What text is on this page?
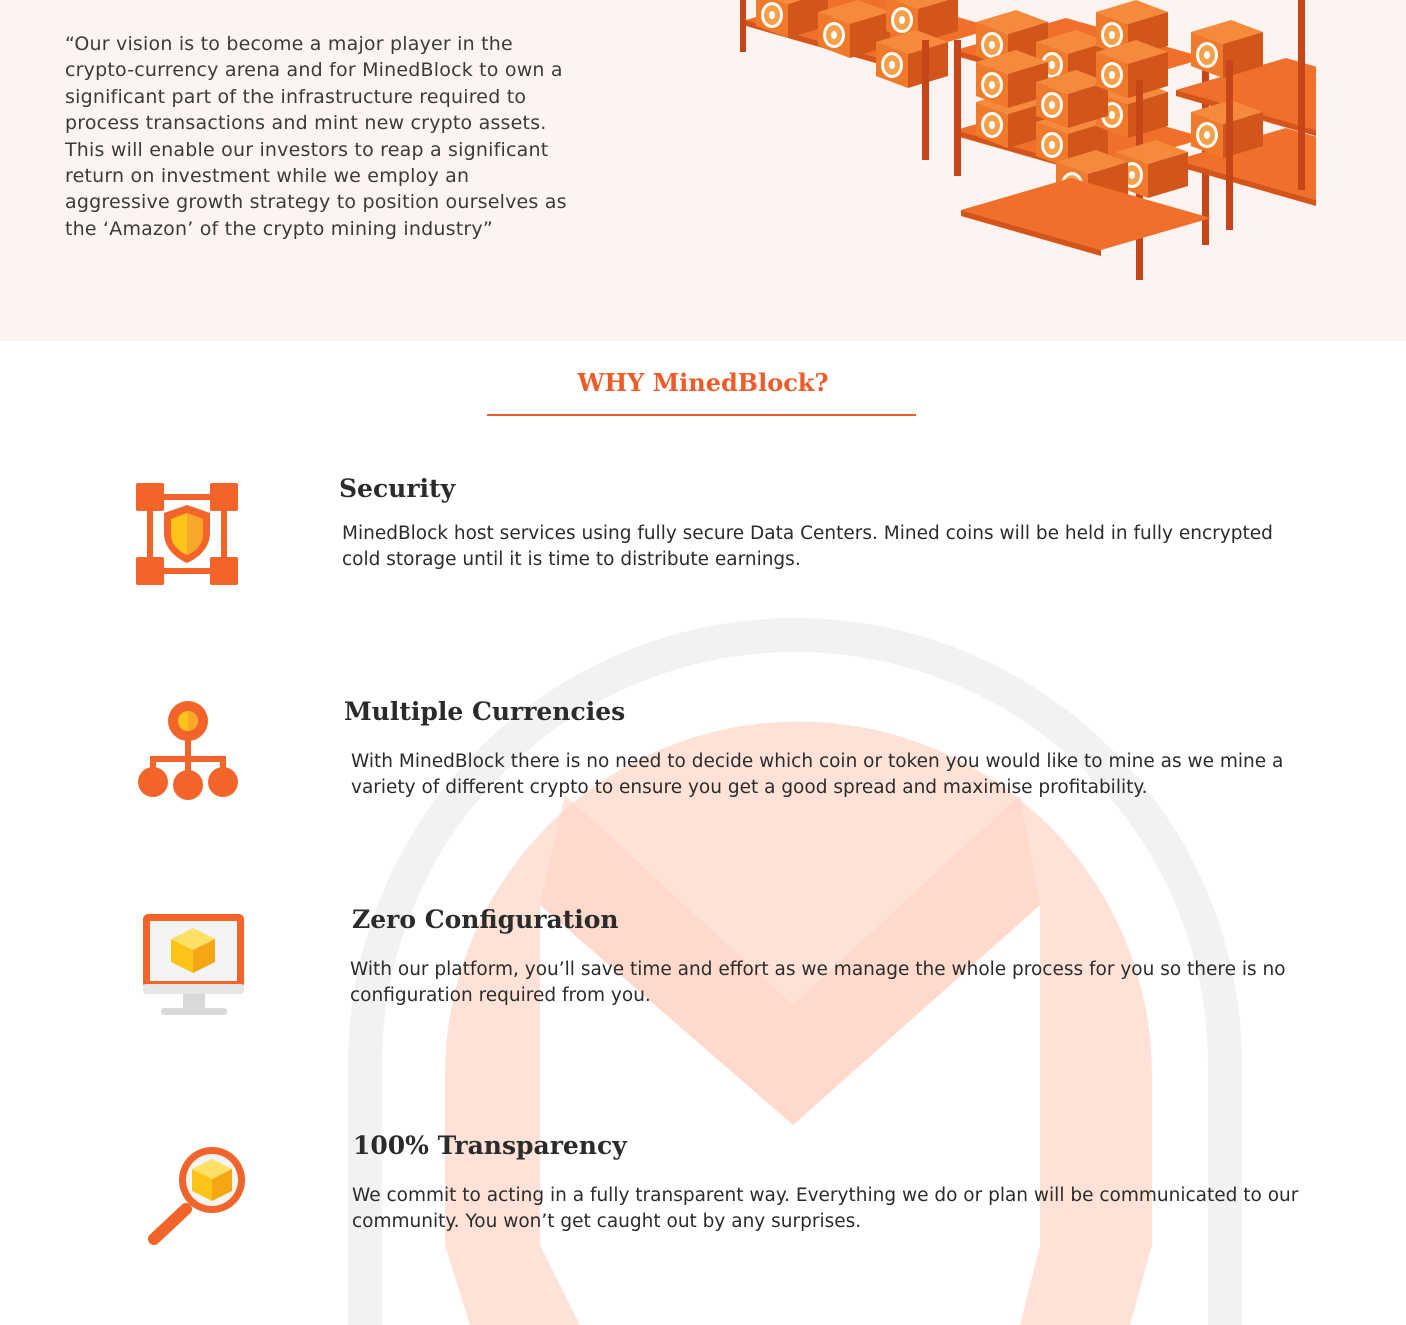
“Our vision is to become a major player in the crypto-currency arena and for MinedBlock to own a significant part of the infrastructure required to process transactions and mint new crypto assets. This will enable our investors to reap a significant return on investment while we employ an aggressive growth strategy to position ourselves as the ‘Amazon’ of the crypto mining industry”

WHY MinedBlock?
Security

MinedBlock host services using fully secure Data Centers. Mined coins will be held in fully encrypted cold storage until it is time to distribute earnings.

Multiple Currencies

With MinedBlock there is no need to decide which coin or token you would like to mine as we mine a variety of different crypto to ensure you get a good spread and maximise profitability.

Zero Configuration

With our platform, you’ll save time and effort as we manage the whole process for you so there is no configuration required from you.

100% Transparency

We commit to acting in a fully transparent way. Everything we do or plan will be communicated to our community. You won’t get caught out by any surprises.
